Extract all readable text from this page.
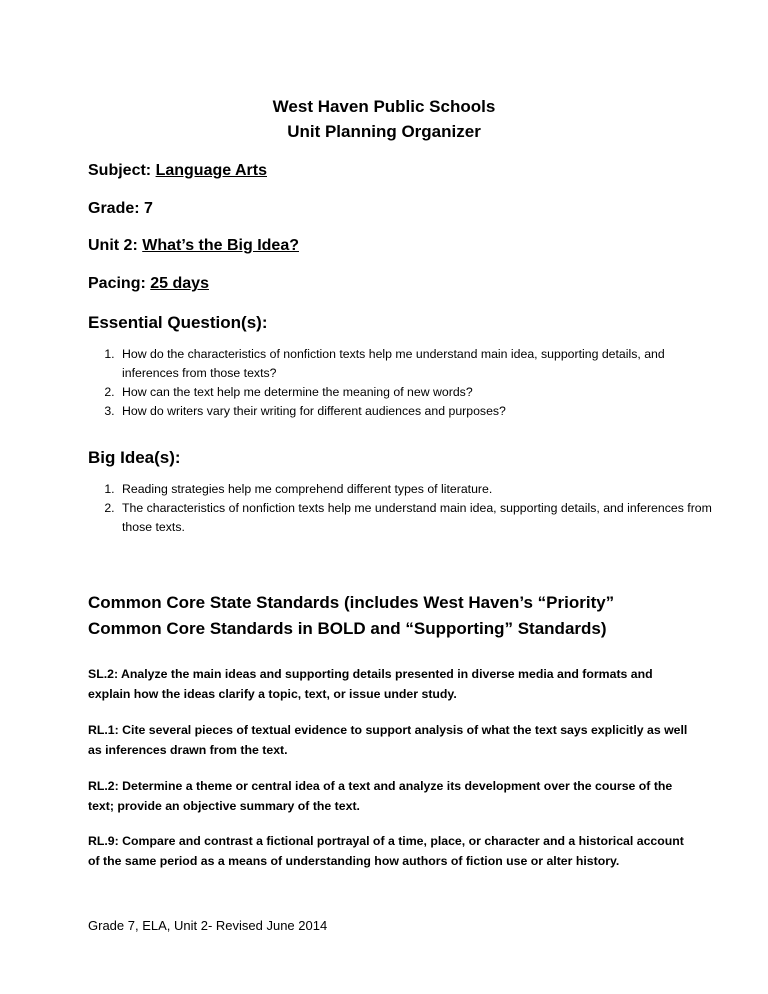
West Haven Public Schools
Unit Planning Organizer
Subject: Language Arts
Grade: 7
Unit 2: What’s the Big Idea?
Pacing: 25 days
Essential Question(s):
1. How do the characteristics of nonfiction texts help me understand main idea, supporting details, and inferences from those texts?
2. How can the text help me determine the meaning of new words?
3. How do writers vary their writing for different audiences and purposes?
Big Idea(s):
1. Reading strategies help me comprehend different types of literature.
2. The characteristics of nonfiction texts help me understand main idea, supporting details, and inferences from those texts.
Common Core State Standards (includes West Haven’s “Priority” Common Core Standards in BOLD and “Supporting” Standards)
SL.2: Analyze the main ideas and supporting details presented in diverse media and formats and explain how the ideas clarify a topic, text, or issue under study.
RL.1: Cite several pieces of textual evidence to support analysis of what the text says explicitly as well as inferences drawn from the text.
RL.2: Determine a theme or central idea of a text and analyze its development over the course of the text; provide an objective summary of the text.
RL.9: Compare and contrast a fictional portrayal of a time, place, or character and a historical account of the same period as a means of understanding how authors of fiction use or alter history.
Grade 7, ELA, Unit 2- Revised June 2014
